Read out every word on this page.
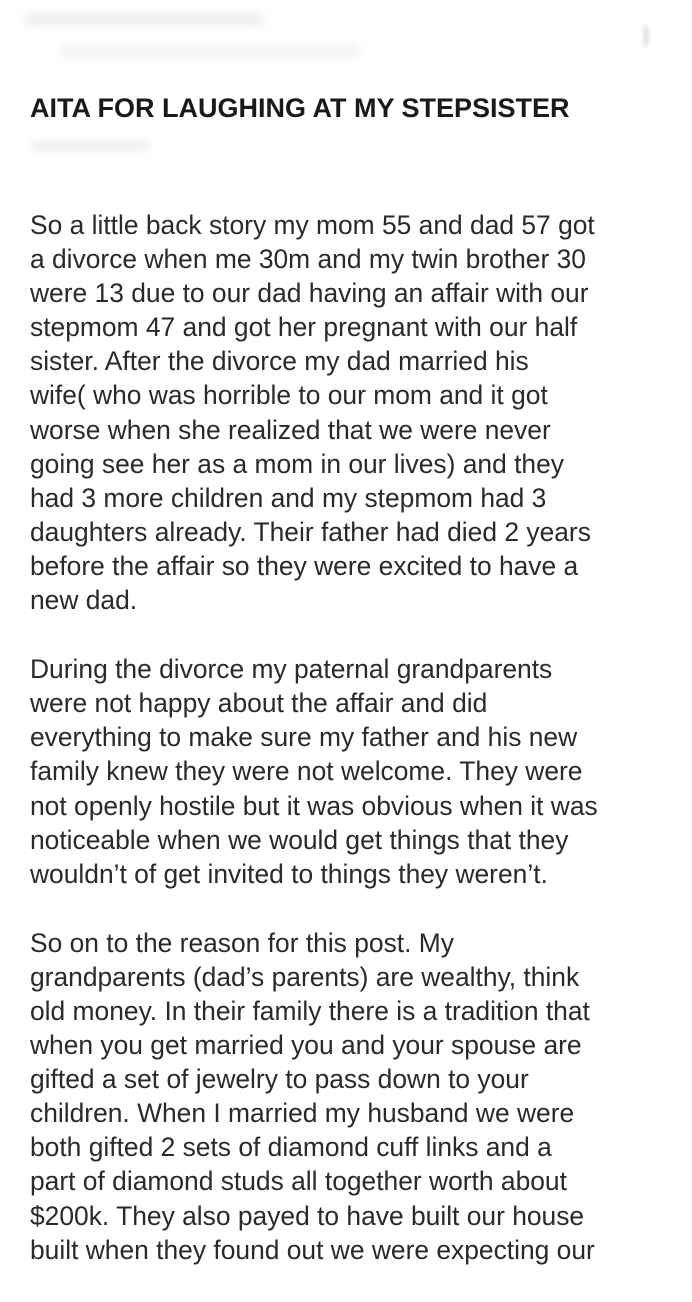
AITA FOR LAUGHING AT MY STEPSISTER

So a little back story my mom 55 and dad 57 got
a divorce when me 30m and my twin brother 30
were 13 due to our dad having an affair with our
stepmom 47 and got her pregnant with our half
sister. After the divorce my dad married his
wife( who was horrible to our mom and it got
worse when she realized that we were never
going see her as a mom in our lives) and they
had 3 more children and my stepmom had 3
daughters already. Their father had died 2 years
before the affair so they were excited to have a
new dad.

During the divorce my paternal grandparents
were not happy about the affair and did
everything to make sure my father and his new
family knew they were not welcome. They were
not openly hostile but it was obvious when it was
noticeable when we would get things that they
wouldn’t of get invited to things they weren’t.

So on to the reason for this post. My
grandparents (dad’s parents) are wealthy, think
old money. In their family there is a tradition that
when you get married you and your spouse are
gifted a set of jewelry to pass down to your
children. When I married my husband we were
both gifted 2 sets of diamond cuff links and a
part of diamond studs all together worth about
$200k. They also payed to have built our house
built when they found out we were expecting our
